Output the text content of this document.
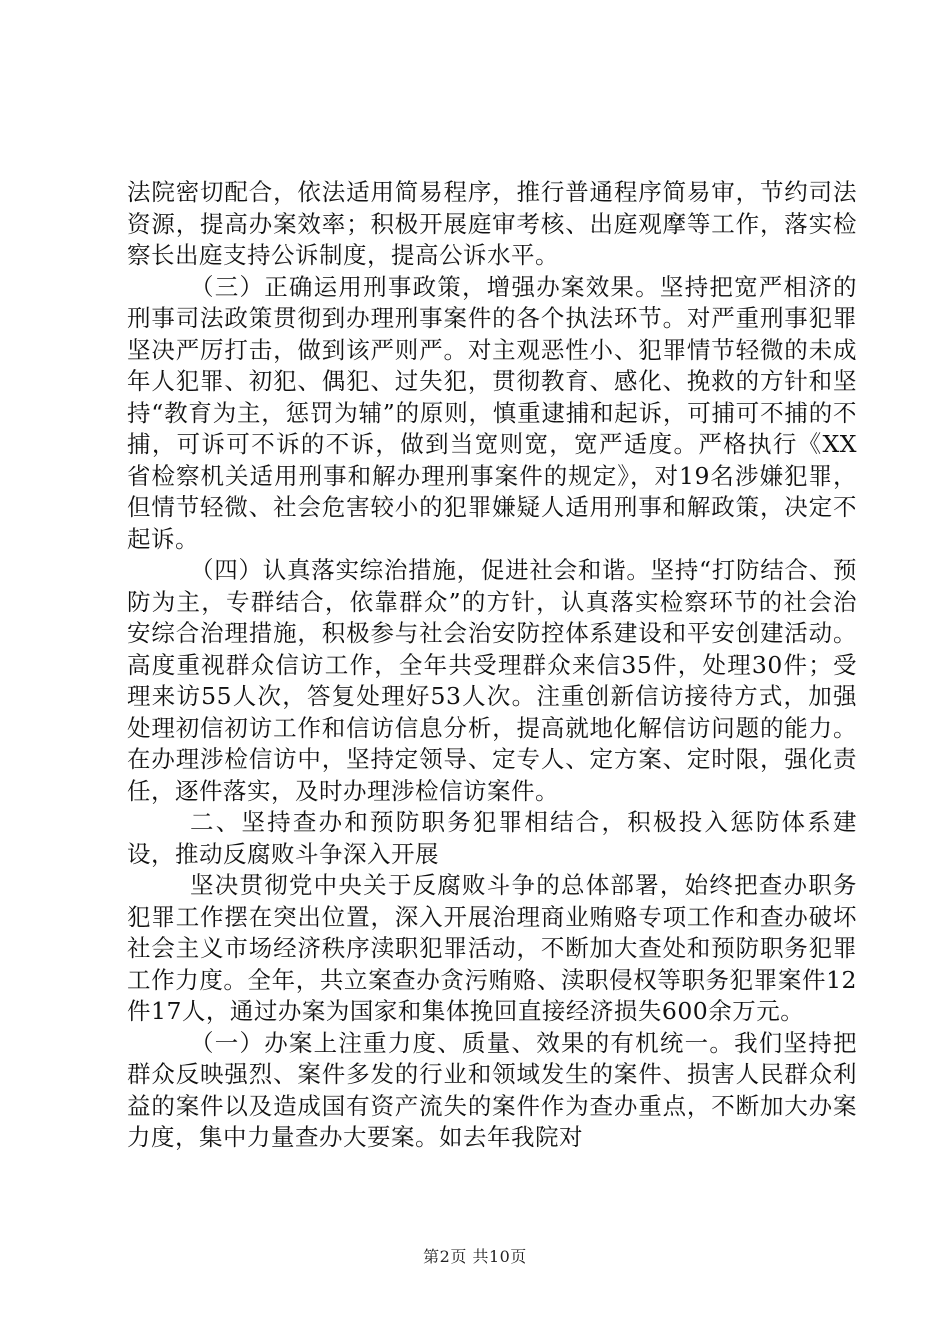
法院密切配合，依法适用简易程序，推行普通程序简易审，节约司法资源，提高办案效率；积极开展庭审考核、出庭观摩等工作，落实检察长出庭支持公诉制度，提高公诉水平。

（三）正确运用刑事政策，增强办案效果。坚持把宽严相济的刑事司法政策贯彻到办理刑事案件的各个执法环节。对严重刑事犯罪坚决严厉打击，做到该严则严。对主观恶性小、犯罪情节轻微的未成年人犯罪、初犯、偶犯、过失犯，贯彻教育、感化、挽救的方针和坚持“教育为主，惩罚为辅”的原则，慎重逮捕和起诉，可捕可不捕的不捕，可诉可不诉的不诉，做到当宽则宽，宽严适度。严格执行《XX省检察机关适用刑事和解办理刑事案件的规定》，对19名涉嫌犯罪，但情节轻微、社会危害较小的犯罪嫌疑人适用刑事和解政策，决定不起诉。

（四）认真落实综治措施，促进社会和谐。坚持“打防结合、预防为主，专群结合，依靠群众”的方针，认真落实检察环节的社会治安综合治理措施，积极参与社会治安防控体系建设和平安创建活动。高度重视群众信访工作，全年共受理群众来信35件，处理30件；受理来访55人次，答复处理好53人次。注重创新信访接待方式，加强处理初信初访工作和信访信息分析，提高就地化解信访问题的能力。在办理涉检信访中，坚持定领导、定专人、定方案、定时限，强化责任，逐件落实，及时办理涉检信访案件。

二、坚持查办和预防职务犯罪相结合，积极投入惩防体系建设，推动反腐败斗争深入开展

坚决贯彻党中央关于反腐败斗争的总体部署，始终把查办职务犯罪工作摆在突出位置，深入开展治理商业贿赂专项工作和查办破坏社会主义市场经济秩序渎职犯罪活动，不断加大查处和预防职务犯罪工作力度。全年，共立案查办贪污贿赂、渎职侵权等职务犯罪案件12件17人，通过办案为国家和集体挽回直接经济损失600余万元。

（一）办案上注重力度、质量、效果的有机统一。我们坚持把群众反映强烈、案件多发的行业和领域发生的案件、损害人民群众利益的案件以及造成国有资产流失的案件作为查办重点，不断加大办案力度，集中力量查办大要案。如去年我院对

第2页 共10页
